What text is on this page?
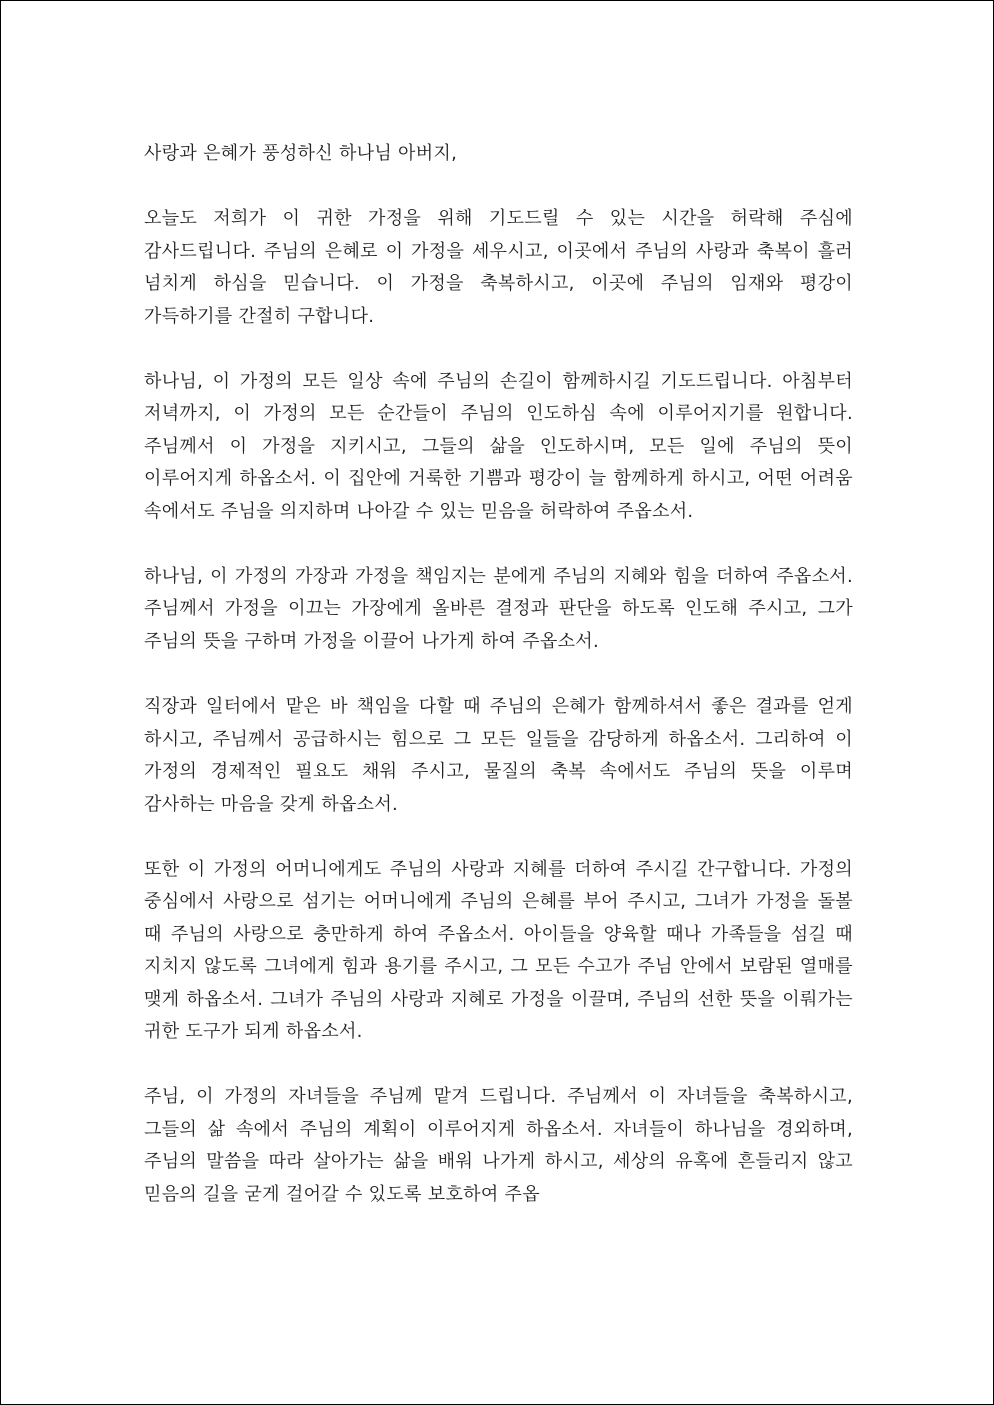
사랑과 은혜가 풍성하신 하나님 아버지,

오늘도 저희가 이 귀한 가정을 위해 기도드릴 수 있는 시간을 허락해 주심에 감사드립니다. 주님의 은혜로 이 가정을 세우시고, 이곳에서 주님의 사랑과 축복이 흘러 넘치게 하심을 믿습니다. 이 가정을 축복하시고, 이곳에 주님의 임재와 평강이 가득하기를 간절히 구합니다.

하나님, 이 가정의 모든 일상 속에 주님의 손길이 함께하시길 기도드립니다. 아침부터 저녁까지, 이 가정의 모든 순간들이 주님의 인도하심 속에 이루어지기를 원합니다. 주님께서 이 가정을 지키시고, 그들의 삶을 인도하시며, 모든 일에 주님의 뜻이 이루어지게 하옵소서. 이 집안에 거룩한 기쁨과 평강이 늘 함께하게 하시고, 어떤 어려움 속에서도 주님을 의지하며 나아갈 수 있는 믿음을 허락하여 주옵소서.

하나님, 이 가정의 가장과 가정을 책임지는 분에게 주님의 지혜와 힘을 더하여 주옵소서. 주님께서 가정을 이끄는 가장에게 올바른 결정과 판단을 하도록 인도해 주시고, 그가 주님의 뜻을 구하며 가정을 이끌어 나가게 하여 주옵소서.

직장과 일터에서 맡은 바 책임을 다할 때 주님의 은혜가 함께하셔서 좋은 결과를 얻게 하시고, 주님께서 공급하시는 힘으로 그 모든 일들을 감당하게 하옵소서. 그리하여 이 가정의 경제적인 필요도 채워 주시고, 물질의 축복 속에서도 주님의 뜻을 이루며 감사하는 마음을 갖게 하옵소서.

또한 이 가정의 어머니에게도 주님의 사랑과 지혜를 더하여 주시길 간구합니다. 가정의 중심에서 사랑으로 섬기는 어머니에게 주님의 은혜를 부어 주시고, 그녀가 가정을 돌볼 때 주님의 사랑으로 충만하게 하여 주옵소서. 아이들을 양육할 때나 가족들을 섬길 때 지치지 않도록 그녀에게 힘과 용기를 주시고, 그 모든 수고가 주님 안에서 보람된 열매를 맺게 하옵소서. 그녀가 주님의 사랑과 지혜로 가정을 이끌며, 주님의 선한 뜻을 이뤄가는 귀한 도구가 되게 하옵소서.

주님, 이 가정의 자녀들을 주님께 맡겨 드립니다. 주님께서 이 자녀들을 축복하시고, 그들의 삶 속에서 주님의 계획이 이루어지게 하옵소서. 자녀들이 하나님을 경외하며, 주님의 말씀을 따라 살아가는 삶을 배워 나가게 하시고, 세상의 유혹에 흔들리지 않고 믿음의 길을 굳게 걸어갈 수 있도록 보호하여 주옵
